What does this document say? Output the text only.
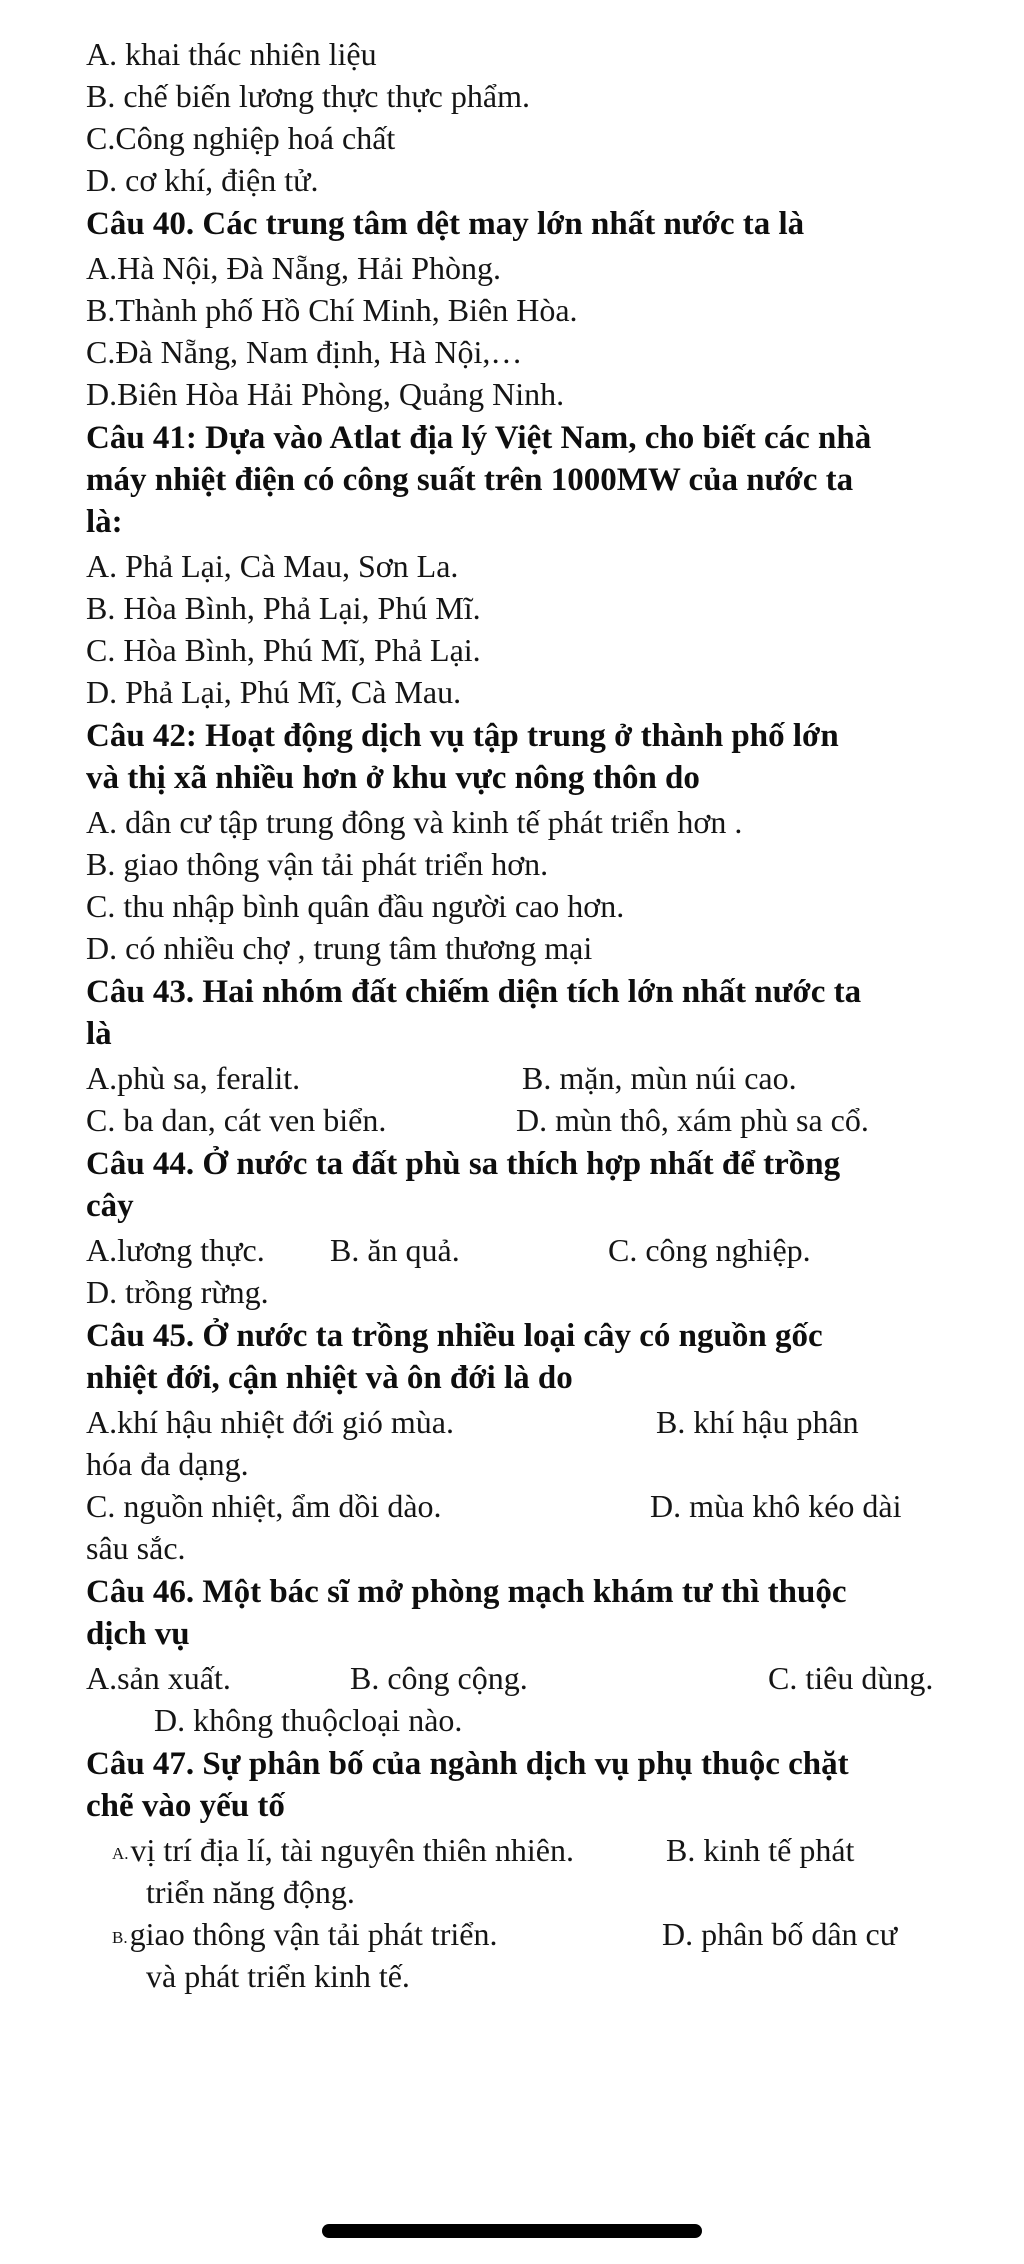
A. khai thác nhiên liệu
B. chế biến lương thực thực phẩm.
C.Công nghiệp hoá chất
D. cơ khí, điện tử.
Câu 40. Các trung tâm dệt may lớn nhất nước ta là
A.Hà Nội, Đà Nẵng, Hải Phòng.
B.Thành phố Hồ Chí Minh, Biên Hòa.
C.Đà Nẵng, Nam định, Hà Nội,…
D.Biên Hòa Hải Phòng, Quảng Ninh.
Câu 41: Dựa vào Atlat địa lý Việt Nam, cho biết các nhà
máy nhiệt điện có công suất trên 1000MW của nước ta
là:
A. Phả Lại, Cà Mau, Sơn La.
B. Hòa Bình, Phả Lại, Phú Mĩ.
C. Hòa Bình, Phú Mĩ, Phả Lại.
D. Phả Lại, Phú Mĩ, Cà Mau.
Câu 42: Hoạt động dịch vụ tập trung ở thành phố lớn
và thị xã nhiều hơn ở khu vực nông thôn do
A. dân cư tập trung đông và kinh tế phát triển hơn .
B. giao thông vận tải phát triển hơn.
C. thu nhập bình quân đầu người cao hơn.
D. có nhiều chợ , trung tâm thương mại
Câu 43. Hai nhóm đất chiếm diện tích lớn nhất nước ta
là
A.phù sa, feralit.	B. mặn, mùn núi cao.
C. ba dan, cát ven biển.	D. mùn thô, xám phù sa cổ.
Câu 44. Ở nước ta đất phù sa thích hợp nhất để trồng
cây
A.lương thực. B. ăn quả.	C. công nghiệp.
D. trồng rừng.
Câu 45. Ở nước ta trồng nhiều loại cây có nguồn gốc
nhiệt đới, cận nhiệt và ôn đới là do
A.khí hậu nhiệt đới gió mùa.	B. khí hậu phân
hóa đa dạng.
C. nguồn nhiệt, ẩm dồi dào.	D. mùa khô kéo dài
sâu sắc.
Câu 46. Một bác sĩ mở phòng mạch khám tư thì thuộc
dịch vụ
A.sản xuất.	B. công cộng.	C. tiêu dùng.
D. không thuộcloại nào.
Câu 47. Sự phân bố của ngành dịch vụ phụ thuộc chặt
chẽ vào yếu tố
A.vị trí địa lí, tài nguyên thiên nhiên.	B. kinh tế phát
triển năng động.
B.giao thông vận tải phát triển.	D. phân bố dân cư
và phát triển kinh tế.
